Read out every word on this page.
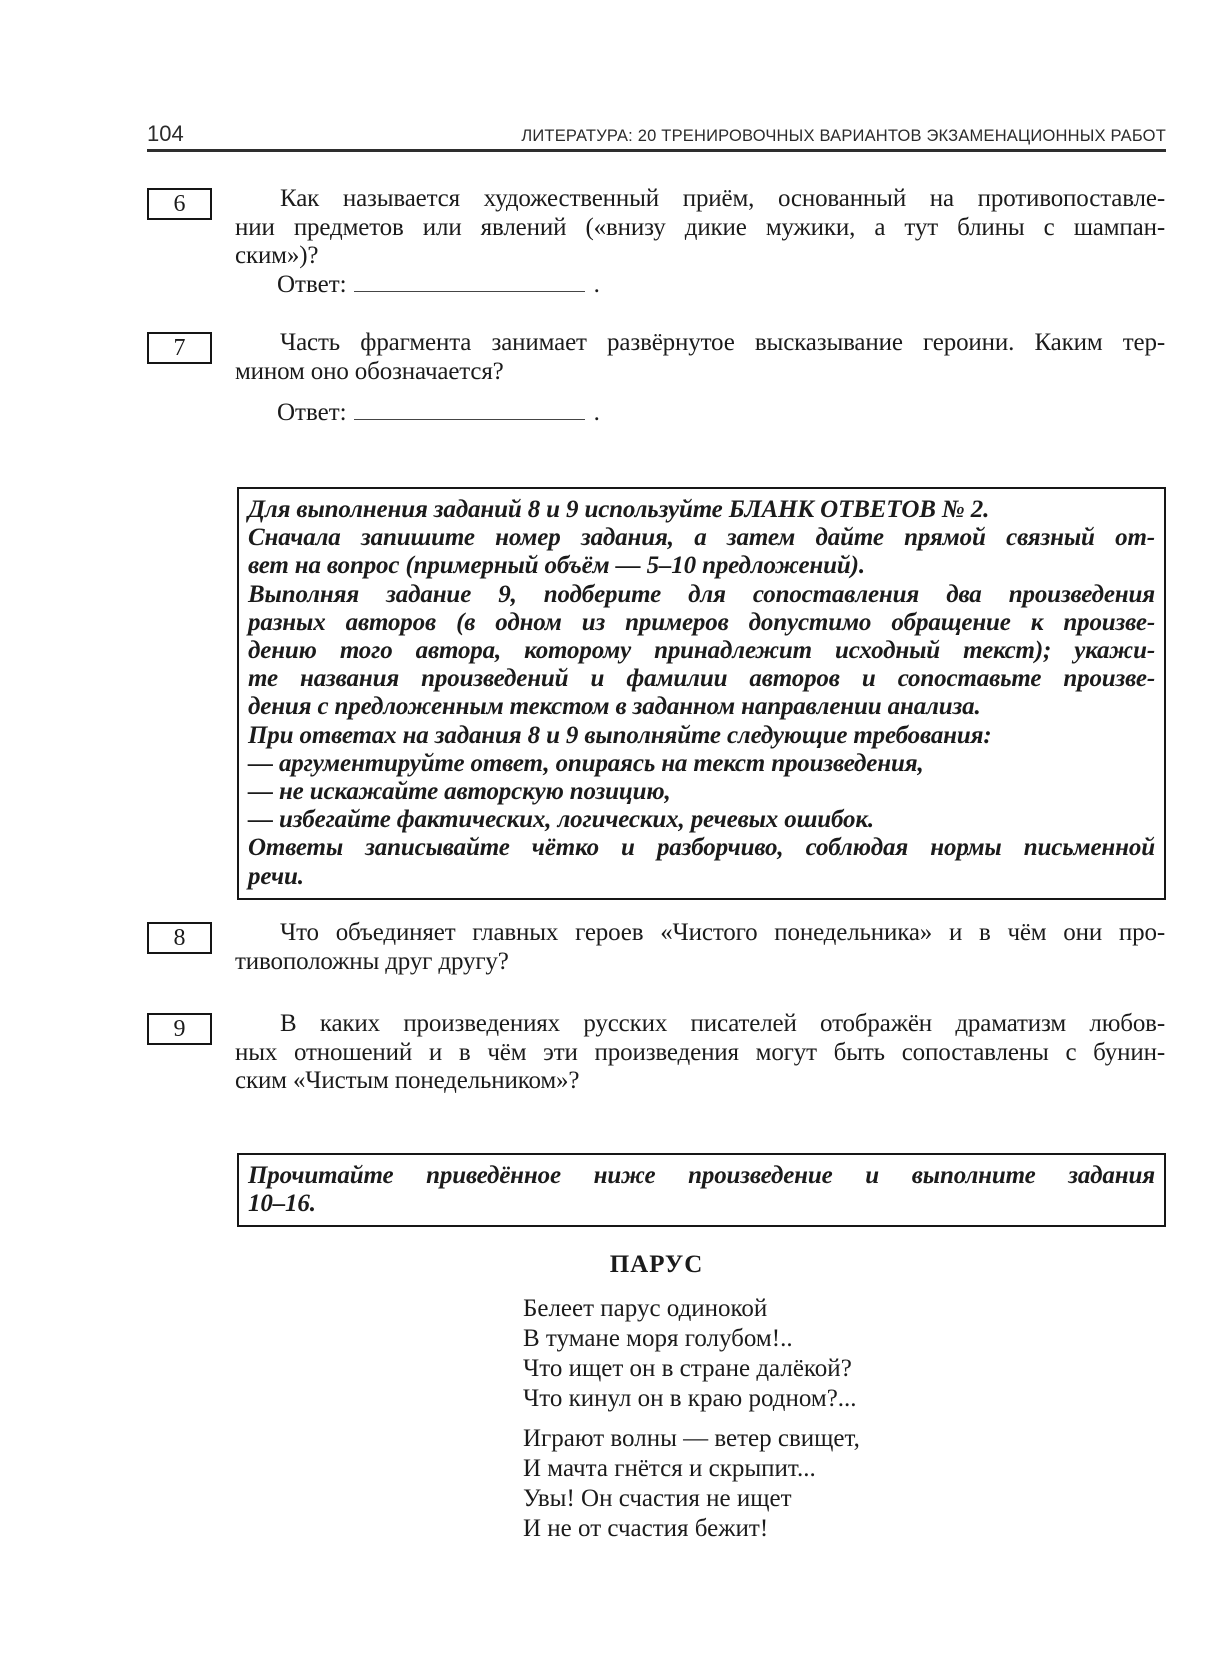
104	ЛИТЕРАТУРА: 20 ТРЕНИРОВОЧНЫХ ВАРИАНТОВ ЭКЗАМЕНАЦИОННЫХ РАБОТ
6	Как называется художественный приём, основанный на противопоставле-
нии предметов или явлений («внизу дикие мужики, а тут блины с шампан-
ским»)?
Ответ:	.
7	Часть фрагмента занимает развёрнутое высказывание героини. Каким тер-
мином оно обозначается?
Ответ:	.
Для выполнения заданий 8 и 9 используйте БЛАНК ОТВЕТОВ № 2.
Сначала запишите номер задания, а затем дайте прямой связный от-
вет на вопрос (примерный объём — 5–10 предложений).
Выполняя задание 9, подберите для сопоставления два произведения
разных авторов (в одном из примеров допустимо обращение к произве-
дению того автора, которому принадлежит исходный текст); укажи-
те названия произведений и фамилии авторов и сопоставьте произве-
дения с предложенным текстом в заданном направлении анализа.
При ответах на задания 8 и 9 выполняйте следующие требования:
— аргументируйте ответ, опираясь на текст произведения,
— не искажайте авторскую позицию,
— избегайте фактических, логических, речевых ошибок.
Ответы записывайте чётко и разборчиво, соблюдая нормы письменной
речи.
8	Что объединяет главных героев «Чистого понедельника» и в чём они про-
тивоположны друг другу?
9	В каких произведениях русских писателей отображён драматизм любов-
ных отношений и в чём эти произведения могут быть сопоставлены с бунин-
ским «Чистым понедельником»?
Прочитайте приведённое ниже произведение и выполните задания
10–16.
ПАРУС
Белеет парус одинокой
В тумане моря голубом!..
Что ищет он в стране далёкой?
Что кинул он в краю родном?...
Играют волны — ветер свищет,
И мачта гнётся и скрыпит...
Увы! Он счастия не ищет
И не от счастия бежит!
